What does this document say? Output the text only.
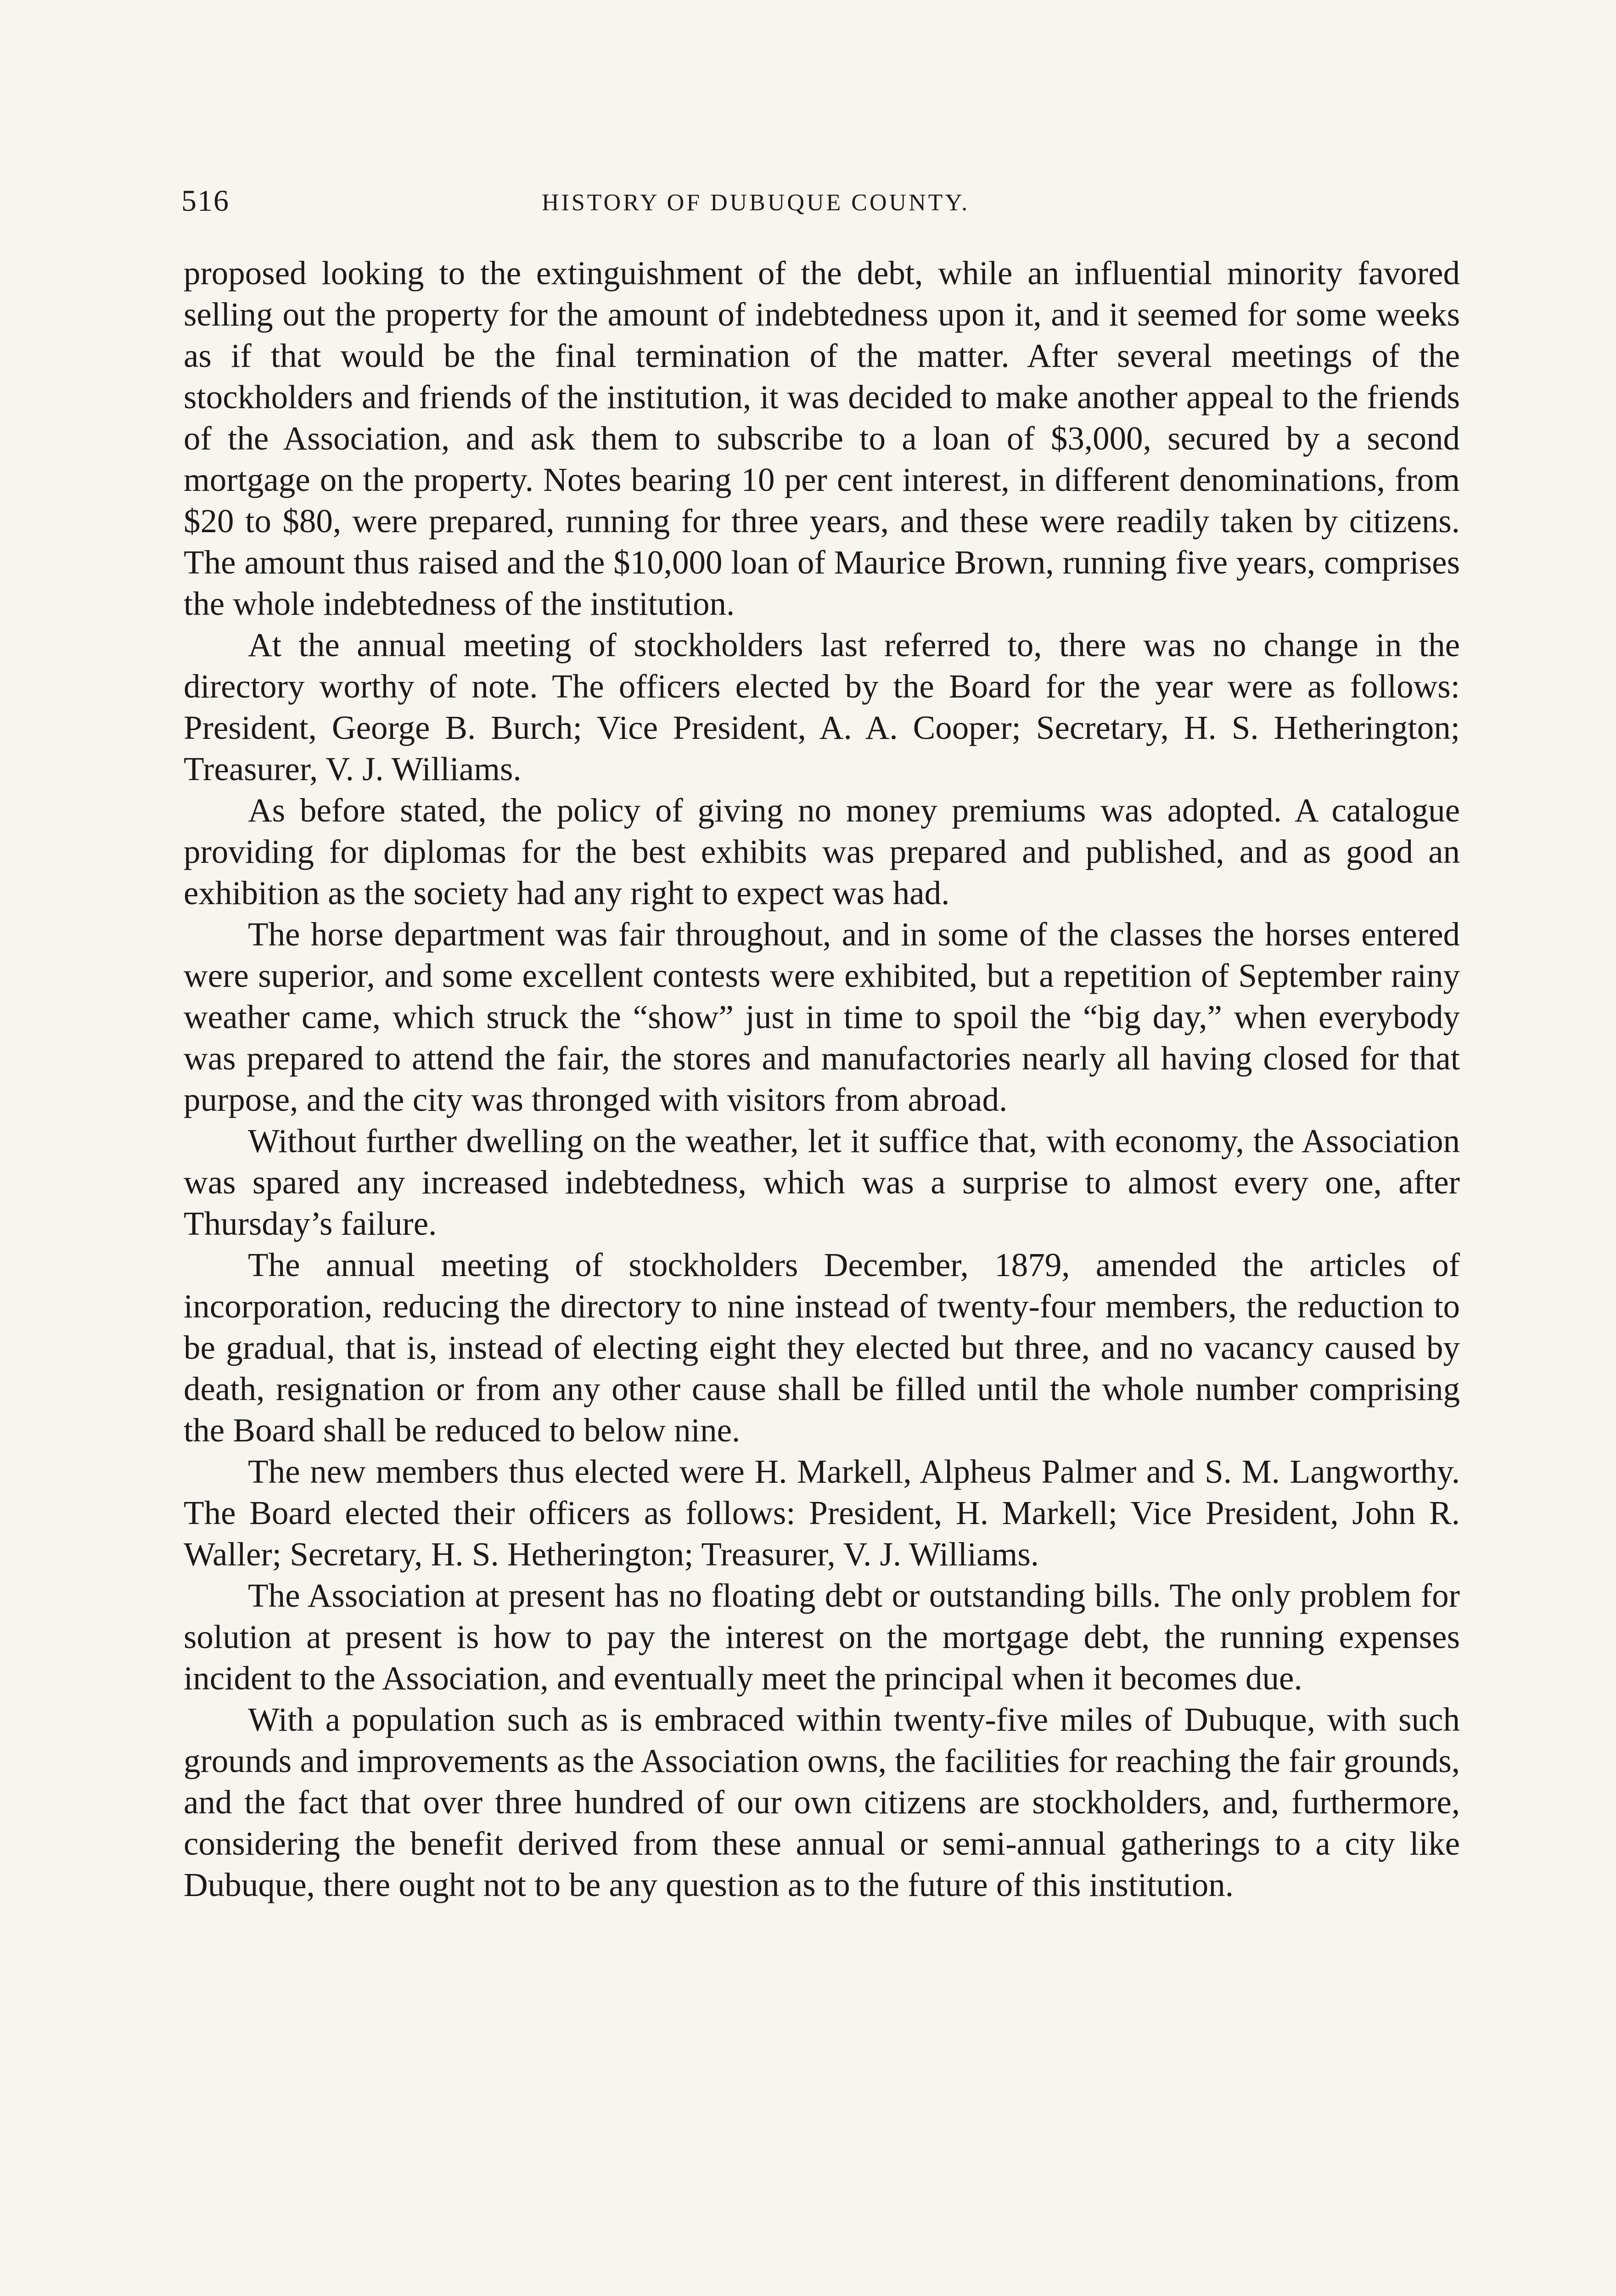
516	HISTORY OF DUBUQUE COUNTY.

proposed looking to the extinguishment of the debt, while an influential minority favored selling out the property for the amount of indebtedness upon it, and it seemed for some weeks as if that would be the final termination of the matter. After several meetings of the stockholders and friends of the institution, it was decided to make another appeal to the friends of the Association, and ask them to subscribe to a loan of $3,000, secured by a second mortgage on the property. Notes bearing 10 per cent interest, in different denominations, from $20 to $80, were prepared, running for three years, and these were readily taken by citizens. The amount thus raised and the $10,000 loan of Maurice Brown, running five years, comprises the whole indebtedness of the institution.

At the annual meeting of stockholders last referred to, there was no change in the directory worthy of note. The officers elected by the Board for the year were as follows: President, George B. Burch; Vice President, A. A. Cooper; Secretary, H. S. Hetherington; Treasurer, V. J. Williams.

As before stated, the policy of giving no money premiums was adopted. A catalogue providing for diplomas for the best exhibits was prepared and published, and as good an exhibition as the society had any right to expect was had.

The horse department was fair throughout, and in some of the classes the horses entered were superior, and some excellent contests were exhibited, but a repetition of September rainy weather came, which struck the “show” just in time to spoil the “big day,” when everybody was prepared to attend the fair, the stores and manufactories nearly all having closed for that purpose, and the city was thronged with visitors from abroad.

Without further dwelling on the weather, let it suffice that, with economy, the Association was spared any increased indebtedness, which was a surprise to almost every one, after Thursday’s failure.

The annual meeting of stockholders December, 1879, amended the articles of incorporation, reducing the directory to nine instead of twenty-four members, the reduction to be gradual, that is, instead of electing eight they elected but three, and no vacancy caused by death, resignation or from any other cause shall be filled until the whole number comprising the Board shall be reduced to below nine.

The new members thus elected were H. Markell, Alpheus Palmer and S. M. Langworthy. The Board elected their officers as follows: President, H. Markell; Vice President, John R. Waller; Secretary, H. S. Hetherington; Treasurer, V. J. Williams.

The Association at present has no floating debt or outstanding bills. The only problem for solution at present is how to pay the interest on the mortgage debt, the running expenses incident to the Association, and eventually meet the principal when it becomes due.

With a population such as is embraced within twenty-five miles of Dubuque, with such grounds and improvements as the Association owns, the facilities for reaching the fair grounds, and the fact that over three hundred of our own citizens are stockholders, and, furthermore, considering the benefit derived from these annual or semi-annual gatherings to a city like Dubuque, there ought not to be any question as to the future of this institution.
